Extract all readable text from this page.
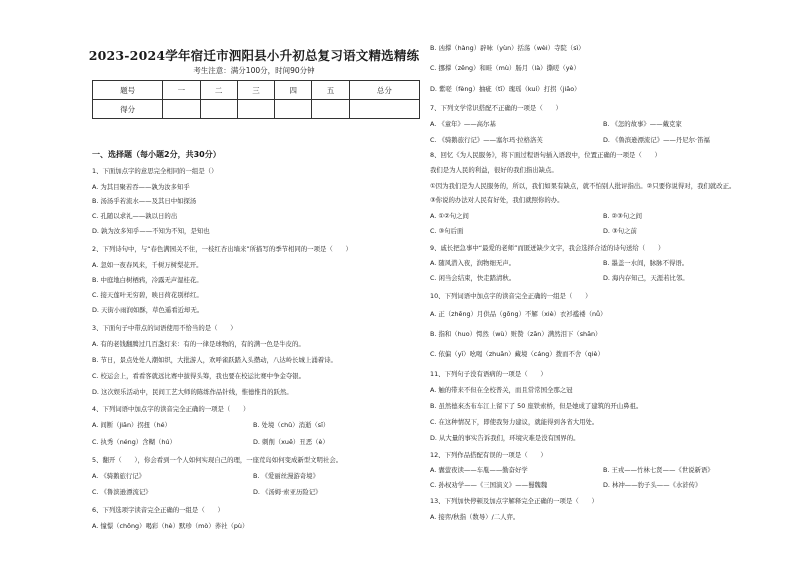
2023-2024学年宿迁市泗阳县小升初总复习语文精选精练
考生注意：满分100分，时间90分钟
题号	一	二	三	四	五	总分
得分						
一、选择题（每小题2分，共30分）
1、下面加点字的意思完全相同的一组是（）
A. 为其目聚若吞——孰为汝多知乎
B. 汤汤乎若流水——及其日中如探汤
C. 孔随以求礼——孰以日的出
D. 孰为汝多知乎——不知为不知，是知也
2、下列诗句中，与“春色满园关不住，一枝红杏出墙来”所描写的季节相同的一项是（　　）
A. 忽如一夜春风来，千树万树梨花开。
B. 中庭地白树栖鸦，冷露无声湿桂花。
C. 接天莲叶无穷碧，映日荷花别样红。
D. 天街小雨润如酥，草色遥看近却无。
3、下面句子中带点的词语使用不恰当的是（　　）
A. 有的老钱翻腾过几百盏灯来：有的一律是球物的，有的满一色是牛皮的。
B. 节日，景点处处人潮如织，大批游人，欢呼雀跃踏入头攒动，八达岭长城上涌着诗。
C. 校运会上，看看客就远比赛中拔得头筹，我也要在校运比赛中争金夺银。
D. 这次娱乐活动中，民间工艺大师的陈练作品针线，惟德惟肖的跃然。
4、下列词语中加点字的读音完全正确的一项是（　　）
A. 间断（jiān）拐扭（hé）	B. 处境（chǔ）消逝（sī）
C. 执秀（néng）含糊（hú）	D. 刺削（xuē）丑恶（è）
5、翻开（　　），你会看到一个人如何实现自己的理，一座荒岛如何变成新型文明社会。
A. 《骑鹅旅行记》	B. 《爱丽丝漫游奇境》
C. 《鲁滨逊漂流记》	D. 《汤姆·索亚历险记》
6、下列选项字读音完全正确的一组是（　　）
A. 憧憬（chōng）喝彩（hè）默珍（mò）荞社（pù）
B. 凶撑（hàng）辟咏（yùn）括荡（wèi）寺院（sì）
C. 挪撑（zēng）和畦（mù）肠月（là）撕嗟（yè）
D. 紫嗟（fèng）抽疵（tī）瑰瑶（kuí）打拐（jiāo）
7、下列文学常识搭配不正确的一项是（　　）
A. 《童年》——高尔基	B. 《怎的故事》——戴克家
C. 《骑鹅旅行记》——塞尔玛·拉格洛芙	D. 《鲁滨逊漂流记》——丹尼尔·笛福
8、回忆《为人民服务》，将下面过程语句插入语段中，位置正确的一项是（　　）
我们是为人民的利益，很好的我们指出缺点。
①因为我们是为人民服务的，所以，我们如果有缺点，就不怕别人批评指出。②只要你说得对，我们就改正。
③你说的办法对人民有好处，我们就照你的办。
A. ①②句之间	B. ②③句之间
C. ③句后面	D. ③句之前
9、戚长把急事中“最爱的老师”而匿迸缺少文字，我会选择合适的诗句送给（　　）
A. 随风潜入夜，润物细无声。	B. 墨盖一水间，脉脉不得语。
C. 闲当会结束，快走踏清秋。	D. 海内存知己，天涯若比邻。
10、下列词语中加点字的读音完全正确的一组是（　　）
A. 正（zhēng）月供品（gōng）不解（xiè）衣衫褴褛（nǚ）
B. 指和（huo）愕然（wù）赃赞（zān）满然泪下（shān）
C. 依偏（yī）吆喝（zhuān）藏境（cáng）拨而不舍（qiè）
11、下列句子没有语病的一项是（　　）
A. 触的带来不但在全校普关，而且常常国全那之冠
B. 虽然德來杰布车江上留下了 50 座铁索桥，但是她成了建筑的开山鼻祖。
C. 在这种情况下，即使我努力建议，就能得到各省大用处。
D. 从大量的事实告诉我们，环境灾难是没有国界的。
12、下列作品搭配有误的一项是（　　）
A. 囊萤夜读——车胤——勤奋好学	B. 王戎——竹林七贤——《世说新语》
C. 孙权劝学——《三国演义》——蜀魏魏	D. 林冲——豹子头——《水浒传》
13、下列加快停顿及加点字解释完全正确的一项是（　　）
A. 接弈/秋指（数导）/二人弈。
